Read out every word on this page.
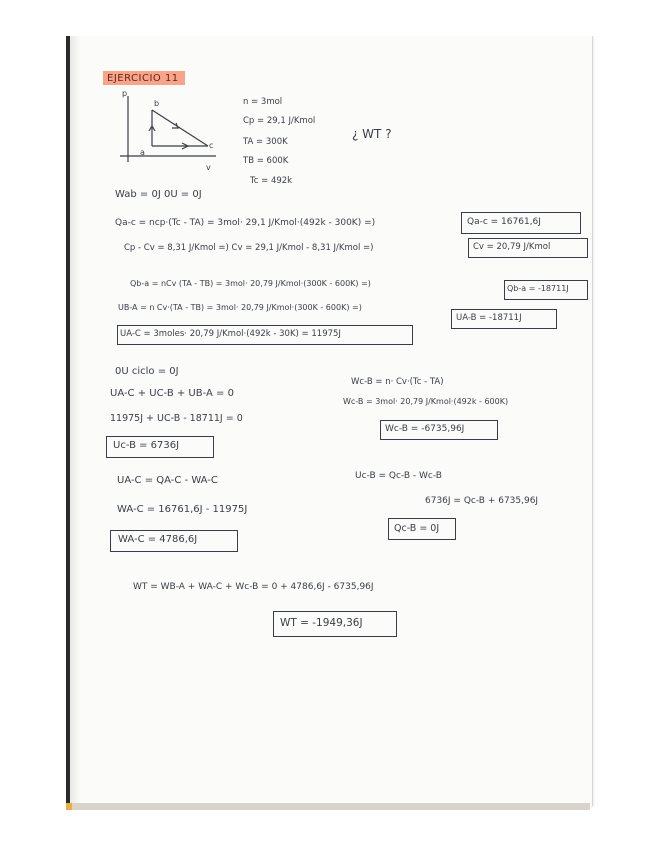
EJERCICIO 11
p
v
a
b
c
n = 3mol
Cp = 29,1 J/Kmol
TA = 300K
TB = 600K
Tc = 492k
¿ WT ?
Wab = 0J 0U = 0J
Qa-c = ncp·(Tc - TA) = 3mol· 29,1 J/Kmol·(492k - 300K) =)	Qa-c = 16761,6J
Cp - Cv = 8,31 J/Kmol =) Cv = 29,1 J/Kmol - 8,31 J/Kmol =)	Cv = 20,79 J/Kmol
Qb-a = nCv (TA - TB) = 3mol· 20,79 J/Kmol·(300K - 600K) =)
Qb-a = -18711J
UB-A = n Cv·(TA - TB) = 3mol· 20,79 J/Kmol·(300K - 600K) =)
UA-B = -18711J
UA-C = 3moles· 20,79 J/Kmol·(492k - 30K) = 11975J
0U ciclo = 0J
UA-C + UC-B + UB-A = 0
11975J + UC-B - 18711J = 0
Uc-B = 6736J
UA-C = QA-C - WA-C
WA-C = 16761,6J - 11975J
WA-C = 4786,6J
Wc-B = n· Cv·(Tc - TA)
Wc-B = 3mol· 20,79 J/Kmol·(492k - 600K)
Wc-B = -6735,96J
Uc-B = Qc-B - Wc-B
6736J = Qc-B + 6735,96J
Qc-B = 0J
WT = WB-A + WA-C + Wc-B = 0 + 4786,6J - 6735,96J
WT = -1949,36J
